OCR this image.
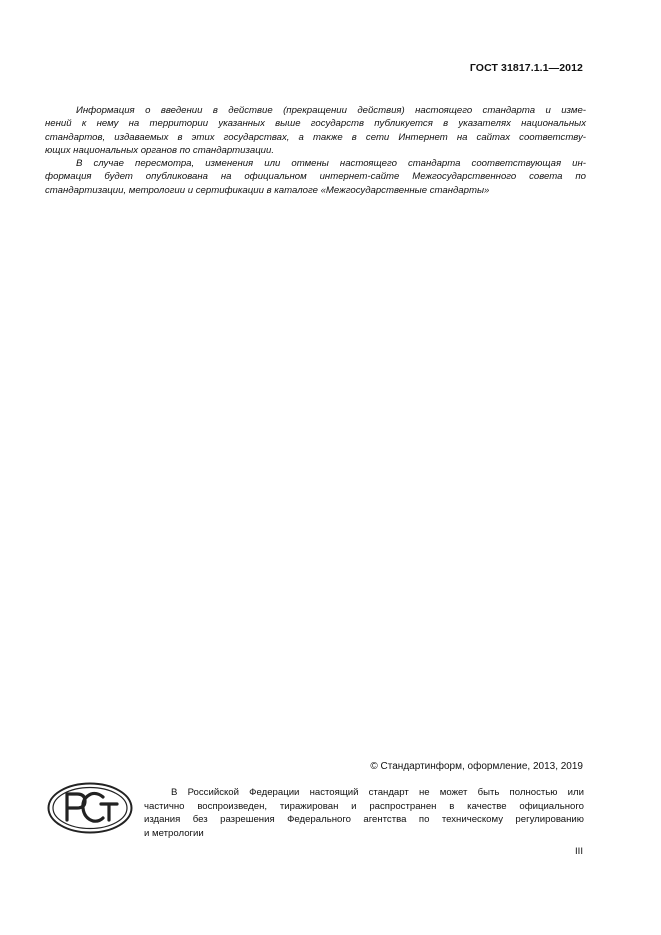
ГОСТ 31817.1.1—2012

Информация о введении в действие (прекращении действия) настоящего стандарта и изме-
нений к нему на территории указанных выше государств публикуется в указателях национальных
стандартов, издаваемых в этих государствах, а также в сети Интернет на сайтах соответству-
ющих национальных органов по стандартизации.

В случае пересмотра, изменения или отмены настоящего стандарта соответствующая ин-
формация будет опубликована на официальном интернет-сайте Межгосударственного совета по
стандартизации, метрологии и сертификации в каталоге «Межгосударственные стандарты»

© Стандартинформ, оформление, 2013, 2019
РСТ
В Российской Федерации настоящий стандарт не может быть полностью или
частично воспроизведен, тиражирован и распространен в качестве официального
издания без разрешения Федерального агентства по техническому регулированию
и метрологии
III
